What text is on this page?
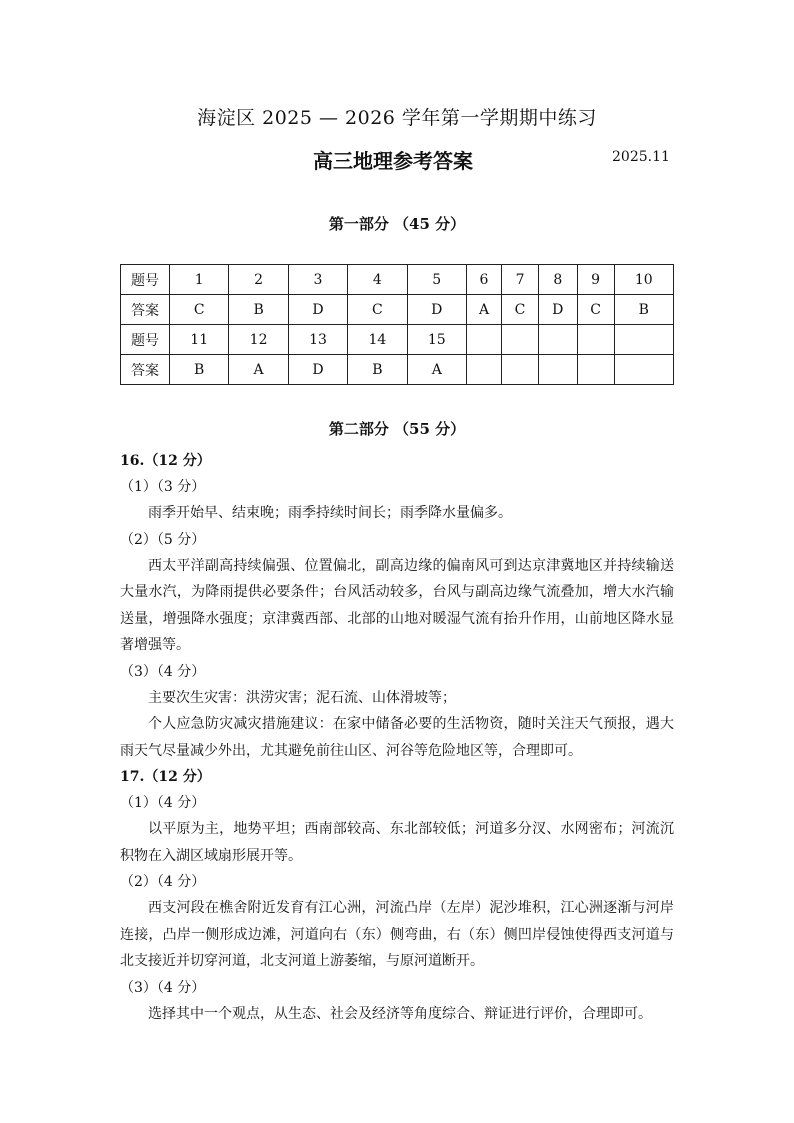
海淀区 2025 — 2026 学年第一学期期中练习
高三地理参考答案	2025.11
第一部分 （45 分）
题号	1	2	3	4	5	6	7	8	9	10
答案	C	B	D	C	D	A	C	D	C	B
题号	11	12	13	14	15					
答案	B	A	D	B	A					
第二部分 （55 分）
16.（12 分）
（1）（3 分）
雨季开始早、结束晚；雨季持续时间长；雨季降水量偏多。
（2）（5 分）
西太平洋副高持续偏强、位置偏北，副高边缘的偏南风可到达京津冀地区并持续输送大量水汽，为降雨提供必要条件；台风活动较多，台风与副高边缘气流叠加，增大水汽输送量，增强降水强度；京津冀西部、北部的山地对暖湿气流有抬升作用，山前地区降水显著增强等。
（3）（4 分）
主要次生灾害：洪涝灾害；泥石流、山体滑坡等；
个人应急防灾减灾措施建议：在家中储备必要的生活物资，随时关注天气预报，遇大雨天气尽量减少外出，尤其避免前往山区、河谷等危险地区等，合理即可。
17.（12 分）
（1）（4 分）
以平原为主，地势平坦；西南部较高、东北部较低；河道多分汊、水网密布；河流沉积物在入湖区域扇形展开等。
（2）（4 分）
西支河段在樵舍附近发育有江心洲，河流凸岸（左岸）泥沙堆积，江心洲逐渐与河岸连接，凸岸一侧形成边滩，河道向右（东）侧弯曲，右（东）侧凹岸侵蚀使得西支河道与北支接近并切穿河道，北支河道上游萎缩，与原河道断开。
（3）（4 分）
选择其中一个观点，从生态、社会及经济等角度综合、辩证进行评价，合理即可。
